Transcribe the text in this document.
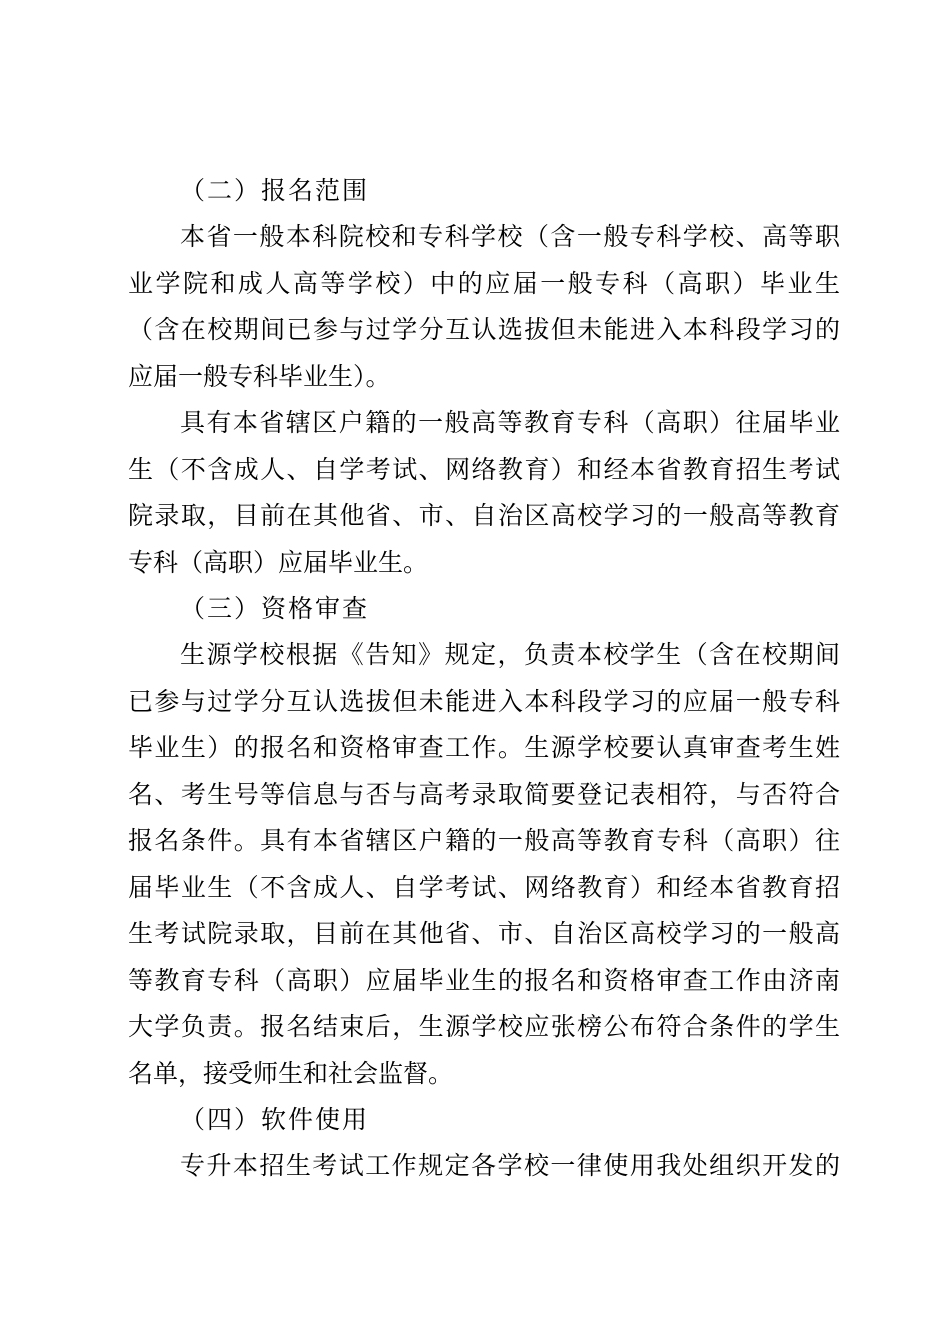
（二）报名范围
本省一般本科院校和专科学校（含一般专科学校、高等职
业学院和成人高等学校）中的应届一般专科（高职）毕业生
（含在校期间已参与过学分互认选拔但未能进入本科段学习的
应届一般专科毕业生）。
具有本省辖区户籍的一般高等教育专科（高职）往届毕业
生（不含成人、自学考试、网络教育）和经本省教育招生考试
院录取，目前在其他省、市、自治区高校学习的一般高等教育
专科（高职）应届毕业生。
（三）资格审查
生源学校根据《告知》规定，负责本校学生（含在校期间
已参与过学分互认选拔但未能进入本科段学习的应届一般专科
毕业生）的报名和资格审查工作。生源学校要认真审查考生姓
名、考生号等信息与否与高考录取简要登记表相符，与否符合
报名条件。具有本省辖区户籍的一般高等教育专科（高职）往
届毕业生（不含成人、自学考试、网络教育）和经本省教育招
生考试院录取，目前在其他省、市、自治区高校学习的一般高
等教育专科（高职）应届毕业生的报名和资格审查工作由济南
大学负责。报名结束后，生源学校应张榜公布符合条件的学生
名单，接受师生和社会监督。
（四）软件使用
专升本招生考试工作规定各学校一律使用我处组织开发的
